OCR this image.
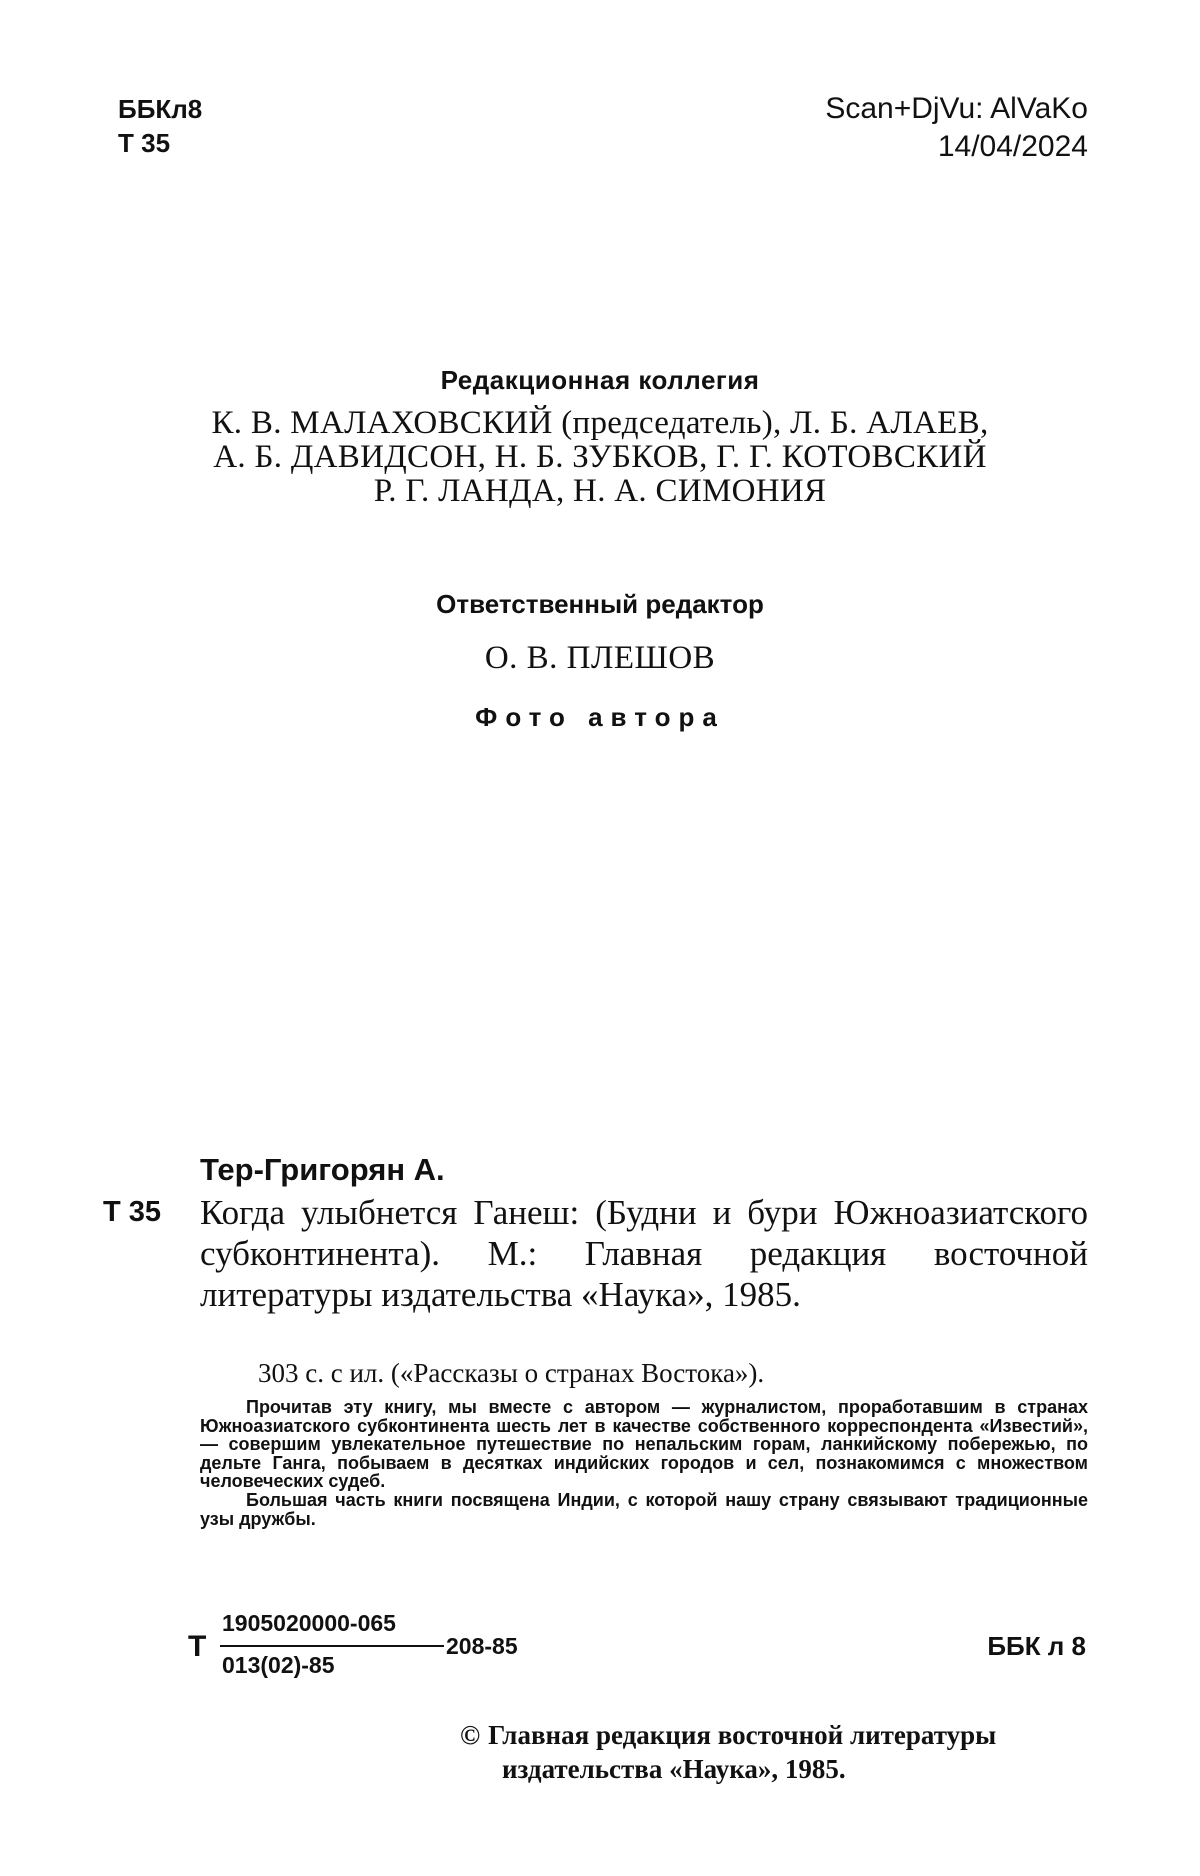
ББКл8
Т 35
Scan+DjVu: AlVaKo
14/04/2024
Редакционная коллегия
К. В. МАЛАХОВСКИЙ (председатель), Л. Б. АЛАЕВ,
А. Б. ДАВИДСОН, Н. Б. ЗУБКОВ, Г. Г. КОТОВСКИЙ
Р. Г. ЛАНДА, Н. А. СИМОНИЯ
Ответственный редактор
О. В. ПЛЕШОВ
Фото автора
Тер-Григорян А.
Т 35 Когда улыбнется Ганеш: (Будни и бури Южноазиатского субконтинента). М.: Главная редакция восточной литературы издательства «Наука», 1985.
303 с. с ил. («Рассказы о странах Востока»).

Прочитав эту книгу, мы вместе с автором — журналистом, проработавшим в странах Южноазиатского субконтинента шесть лет в качестве собственного корреспондента «Известий»,— совершим увлекательное путешествие по непальским горам, ланкийскому побережью, по дельте Ганга, побываем в десятках индийских городов и сел, познакомимся с множеством человеческих судеб.

Большая часть книги посвящена Индии, с которой нашу страну связывают традиционные узы дружбы.

Т
1905020000-065
013(02)-85
208-85	ББК л 8
© Главная редакция восточной литературы
издательства «Наука», 1985.
